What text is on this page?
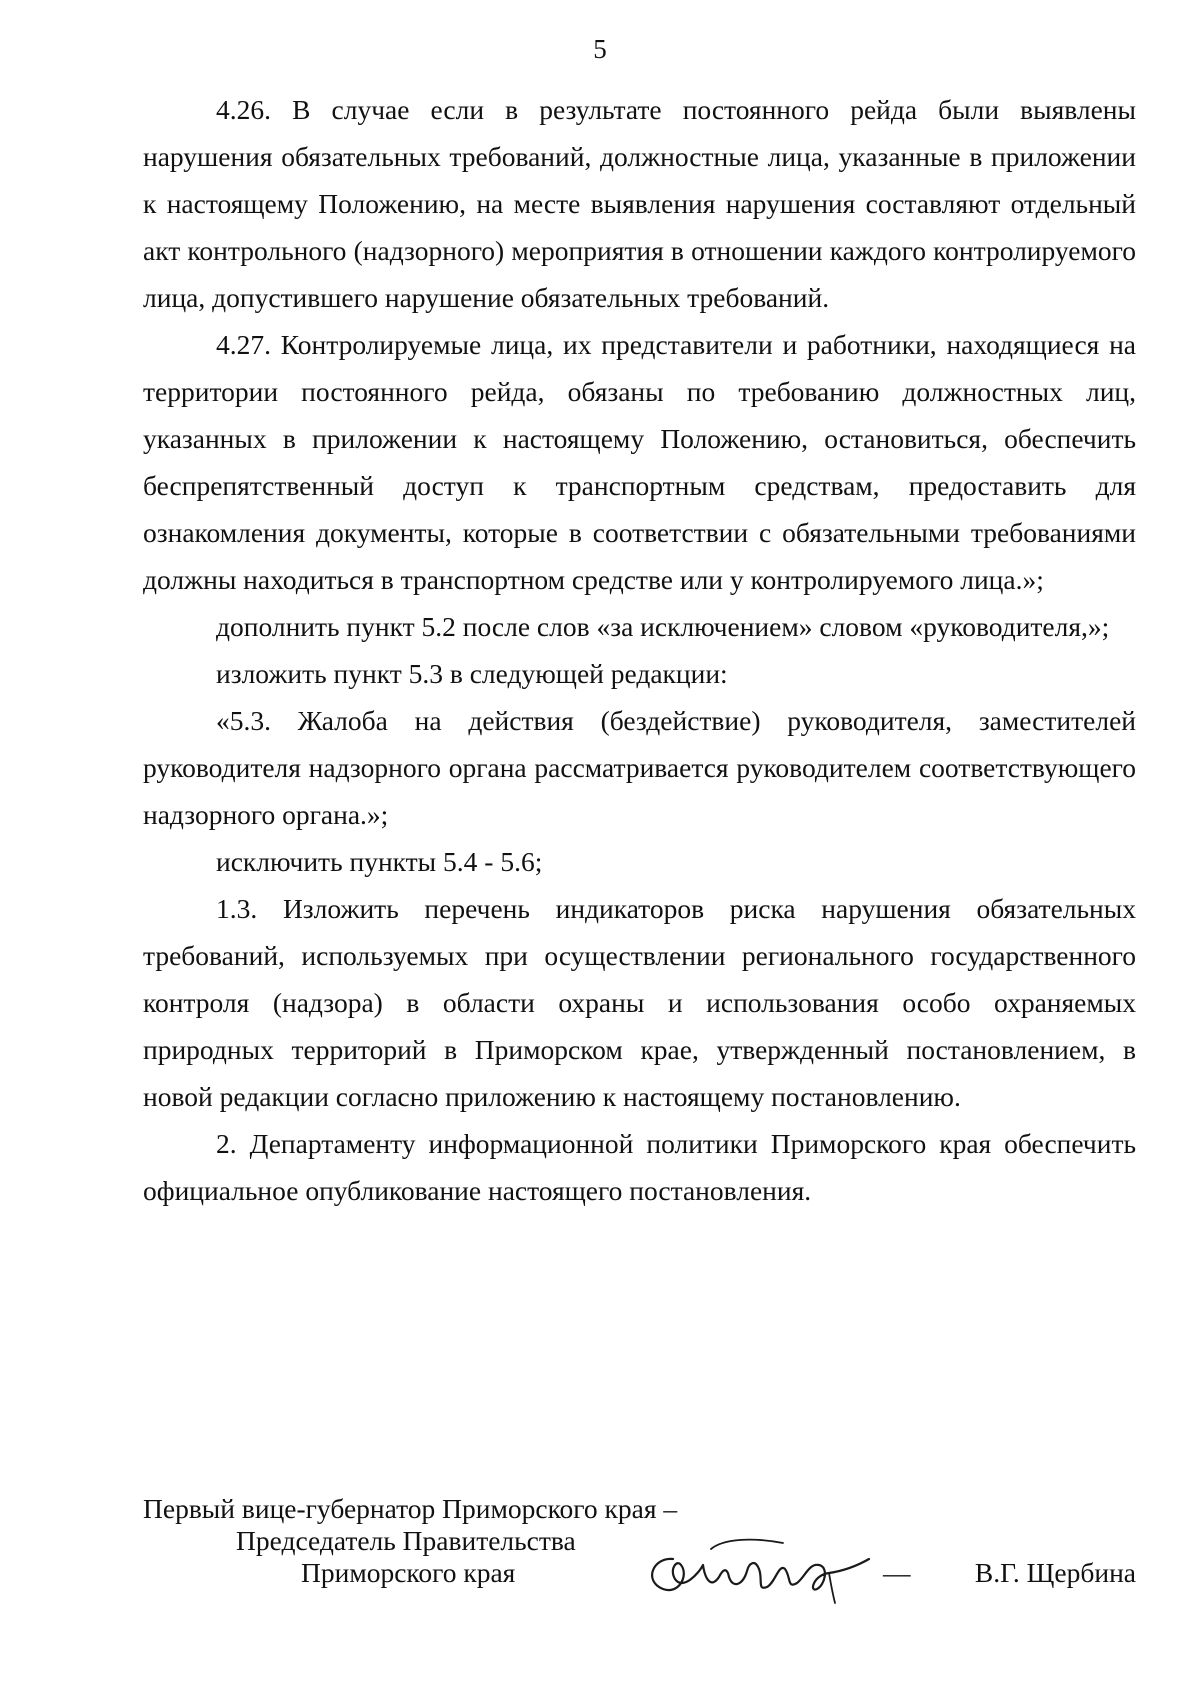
5

4.26. В случае если в результате постоянного рейда были выявлены нарушения обязательных требований, должностные лица, указанные в приложении к настоящему Положению, на месте выявления нарушения составляют отдельный акт контрольного (надзорного) мероприятия в отношении каждого контролируемого лица, допустившего нарушение обязательных требований.

4.27. Контролируемые лица, их представители и работники, находящиеся на территории постоянного рейда, обязаны по требованию должностных лиц, указанных в приложении к настоящему Положению, остановиться, обеспечить беспрепятственный доступ к транспортным средствам, предоставить для ознакомления документы, которые в соответствии с обязательными требованиями должны находиться в транспортном средстве или у контролируемого лица.»;

дополнить пункт 5.2 после слов «за исключением» словом «руководителя,»;

изложить пункт 5.3 в следующей редакции:

«5.3. Жалоба на действия (бездействие) руководителя, заместителей руководителя надзорного органа рассматривается руководителем соответствующего надзорного органа.»;

исключить пункты 5.4 - 5.6;

1.3. Изложить перечень индикаторов риска нарушения обязательных требований, используемых при осуществлении регионального государственного контроля (надзора) в области охраны и использования особо охраняемых природных территорий в Приморском крае, утвержденный постановлением, в новой редакции согласно приложению к настоящему постановлению.

2. Департаменту информационной политики Приморского края обеспечить официальное опубликование настоящего постановления.

Первый вице-губернатор Приморского края –
Председатель Правительства
Приморского края	— В.Г. Щербина
